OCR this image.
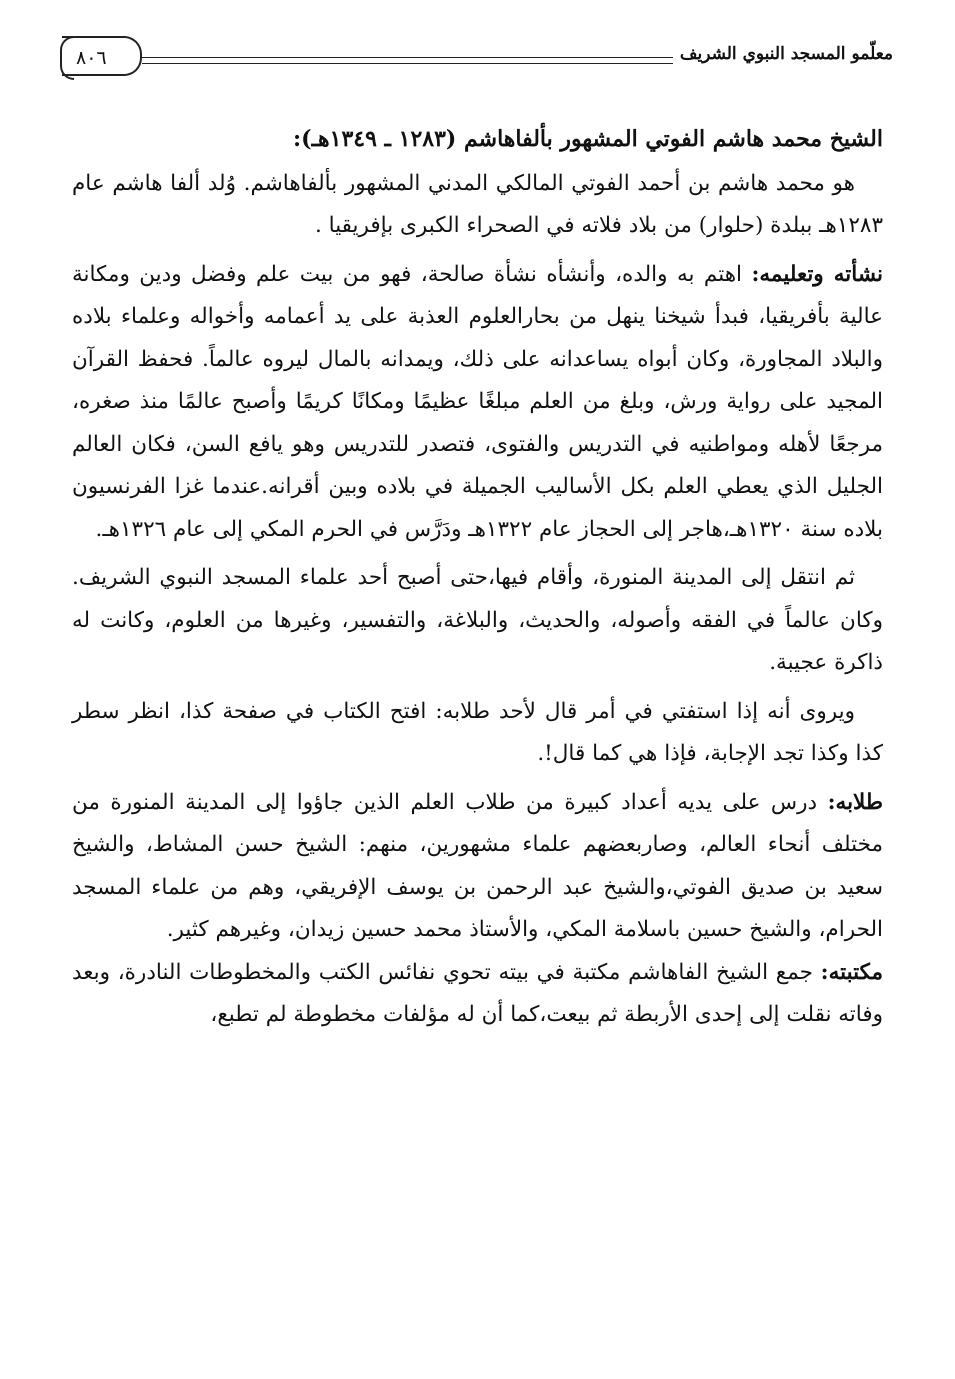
معلّمو المسجد النبوي الشريف
٨٠٦

الشيخ محمد هاشم الفوتي المشهور بألفاهاشم (١٢٨٣ ـ ١٣٤٩هـ):

هو محمد هاشم بن أحمد الفوتي المالكي المدني المشهور بألفاهاشم. وُلد ألفا هاشم عام ١٢٨٣هـ ببلدة (حلوار) من بلاد فلاته في الصحراء الكبرى بإفريقيا .

نشأته وتعليمه: اهتم به والده، وأنشأه نشأة صالحة، فهو من بيت علم وفضل ودين ومكانة عالية بأفريقيا، فبدأ شيخنا ينهل من بحارالعلوم العذبة على يد أعمامه وأخواله وعلماء بلاده والبلاد المجاورة، وكان أبواه يساعدانه على ذلك، ويمدانه بالمال ليروه عالماً. فحفظ القرآن المجيد على رواية ورش، وبلغ من العلم مبلغًا عظيمًا ومكانًا كريمًا وأصبح عالمًا منذ صغره، مرجعًا لأهله ومواطنيه في التدريس والفتوى، فتصدر للتدريس وهو يافع السن، فكان العالم الجليل الذي يعطي العلم بكل الأساليب الجميلة في بلاده وبين أقرانه.عندما غزا الفرنسيون بلاده سنة ١٣٢٠هـ،هاجر إلى الحجاز عام ١٣٢٢هـ ودَرَّس في الحرم المكي إلى عام ١٣٢٦هـ.

ثم انتقل إلى المدينة المنورة، وأقام فيها،حتى أصبح أحد علماء المسجد النبوي الشريف. وكان عالماً في الفقه وأصوله، والحديث، والبلاغة، والتفسير، وغيرها من العلوم، وكانت له ذاكرة عجيبة.

ويروى أنه إذا استفتي في أمر قال لأحد طلابه: افتح الكتاب في صفحة كذا، انظر سطر كذا وكذا تجد الإجابة، فإذا هي كما قال!.

طلابه: درس على يديه أعداد كبيرة من طلاب العلم الذين جاؤوا إلى المدينة المنورة من مختلف أنحاء العالم، وصاربعضهم علماء مشهورين، منهم: الشيخ حسن المشاط، والشيخ سعيد بن صديق الفوتي،والشيخ عبد الرحمن بن يوسف الإفريقي، وهم من علماء المسجد الحرام، والشيخ حسين باسلامة المكي، والأستاذ محمد حسين زيدان، وغيرهم كثير.

مكتبته: جمع الشيخ الفاهاشم مكتبة في بيته تحوي نفائس الكتب والمخطوطات النادرة، وبعد وفاته نقلت إلى إحدى الأربطة ثم بيعت،كما أن له مؤلفات مخطوطة لم تطبع،
